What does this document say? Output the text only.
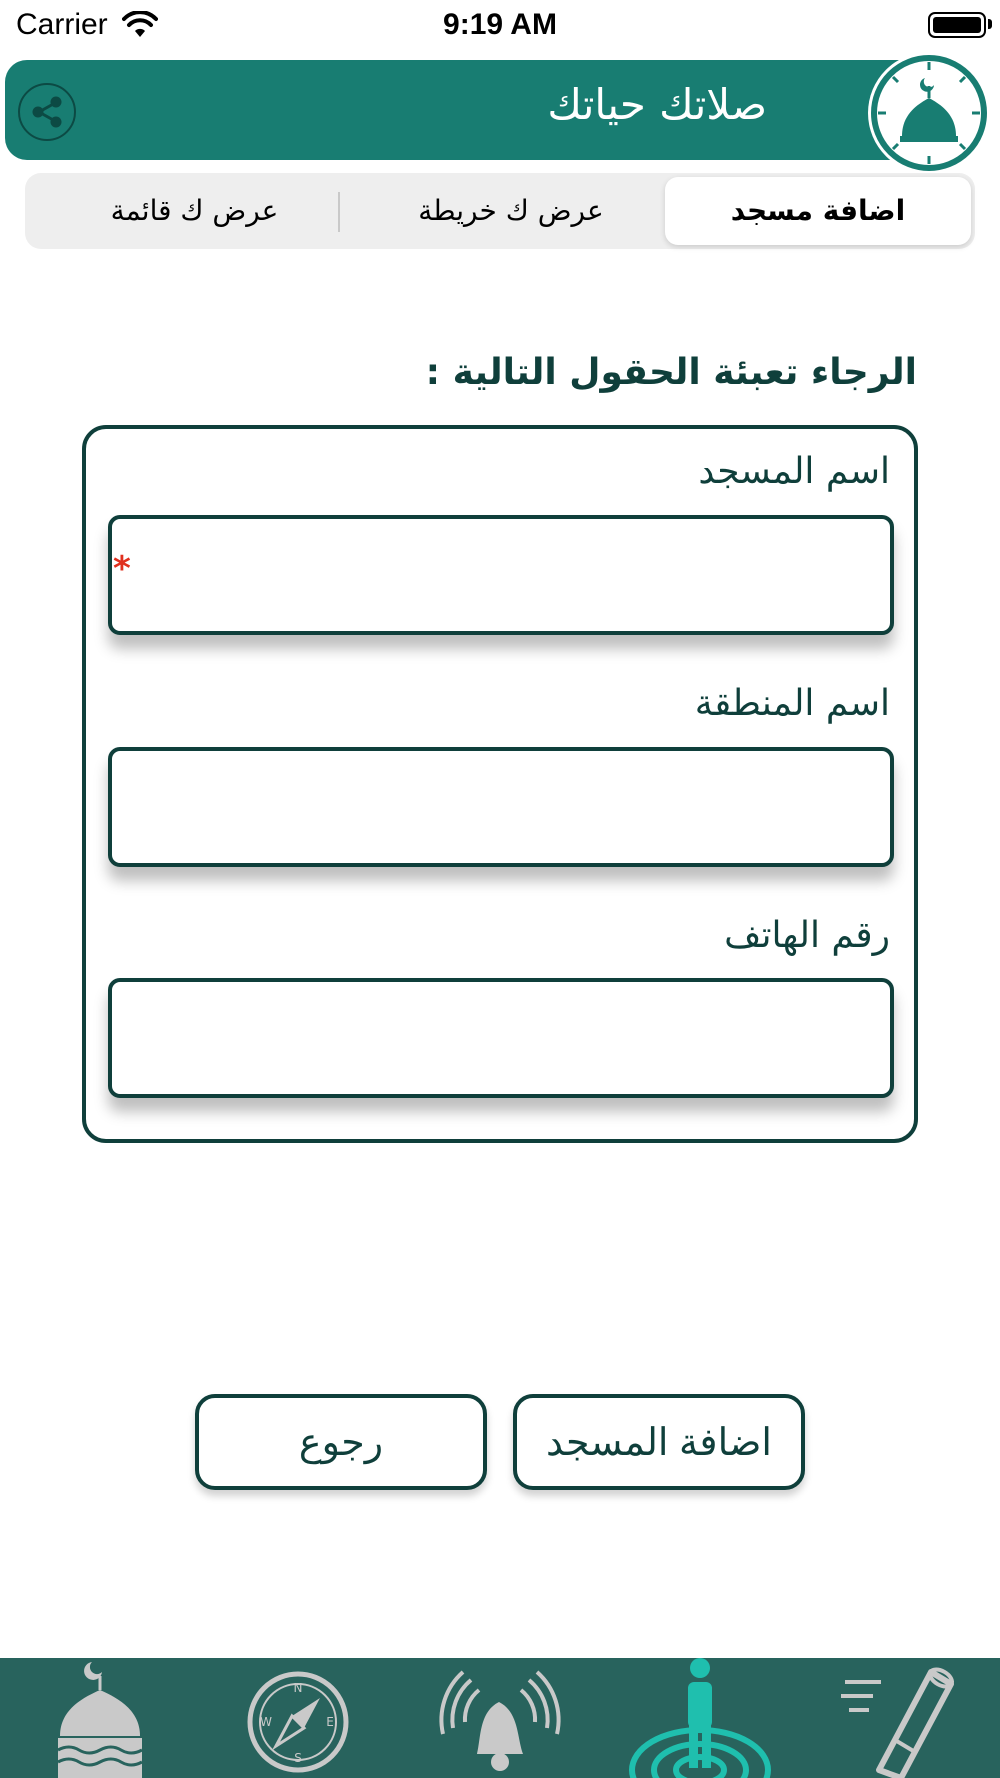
Carrier	9:19 AM
صلاتك حياتك
عرض ك قائمة	عرض ك خريطة	اضافة مسجد
الرجاء تعبئة الحقول التالية :
اسم المسجد
*
اسم المنطقة
رقم الهاتف
رجوع	اضافة المسجد
N
S
W	E
